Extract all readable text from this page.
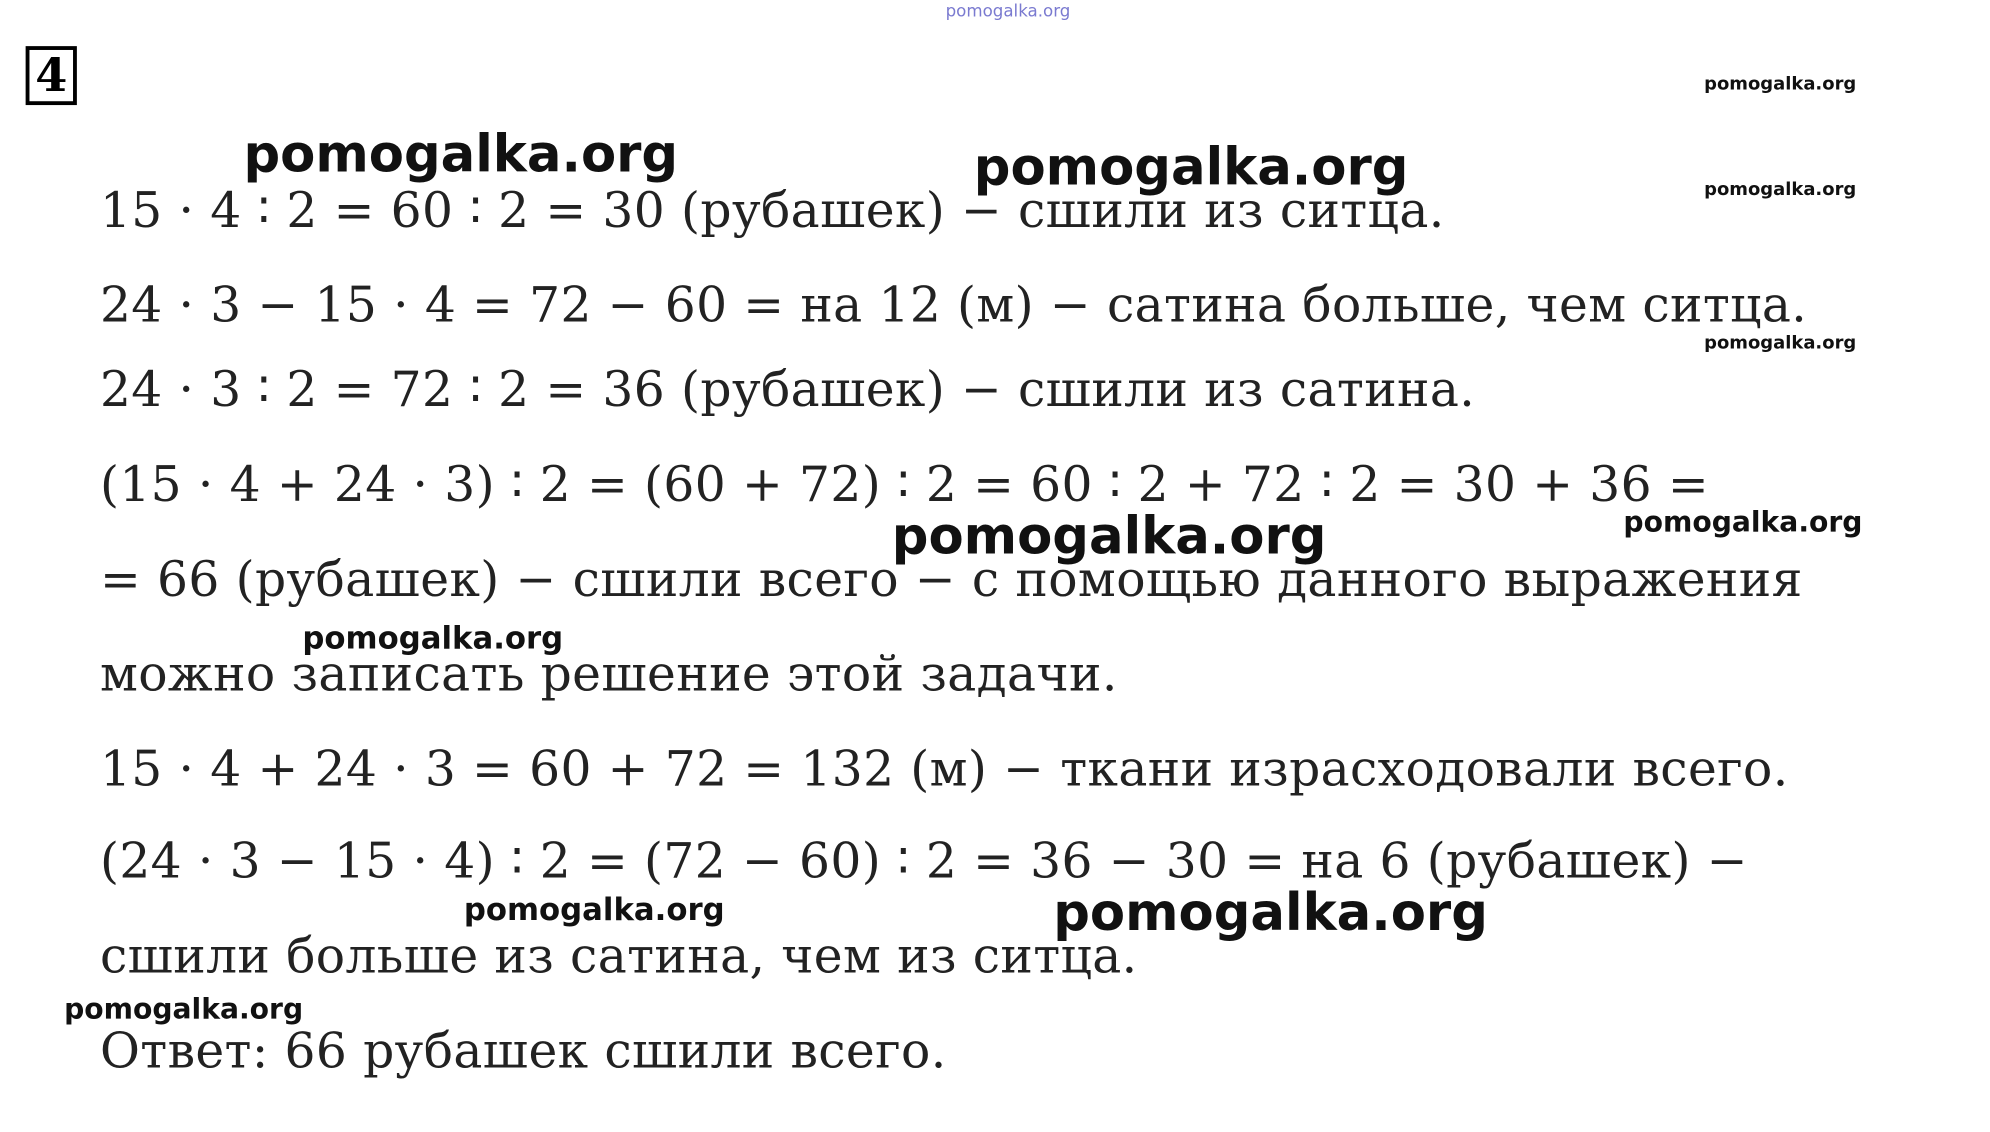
pomogalka.org
4	pomogalka.org
pomogalka.org	pomogalka.org	pomogalka.org
15 · 4 ∶ 2 = 60 ∶ 2 = 30 (рубашек) − сшили из ситца.
24 · 3 − 15 · 4 = 72 − 60 = на 12 (м) − сатина больше, чем ситца.
pomogalka.org
24 · 3 ∶ 2 = 72 ∶ 2 = 36 (рубашек) − сшили из сатина.
(15 · 4 + 24 · 3) ∶ 2 = (60 + 72) ∶ 2 = 60 ∶ 2 + 72 ∶ 2 = 30 + 36 =
pomogalka.org	pomogalka.org
= 66 (рубашек) − сшили всего − с помощью данного выражения
pomogalka.org
можно записать решение этой задачи.
15 · 4 + 24 · 3 = 60 + 72 = 132 (м) − ткани израсходовали всего.
(24 · 3 − 15 · 4) ∶ 2 = (72 − 60) ∶ 2 = 36 − 30 = на 6 (рубашек) −
pomogalka.org	pomogalka.org
сшили больше из сатина, чем из ситца.
pomogalka.org
Ответ: 66 рубашек сшили всего.
